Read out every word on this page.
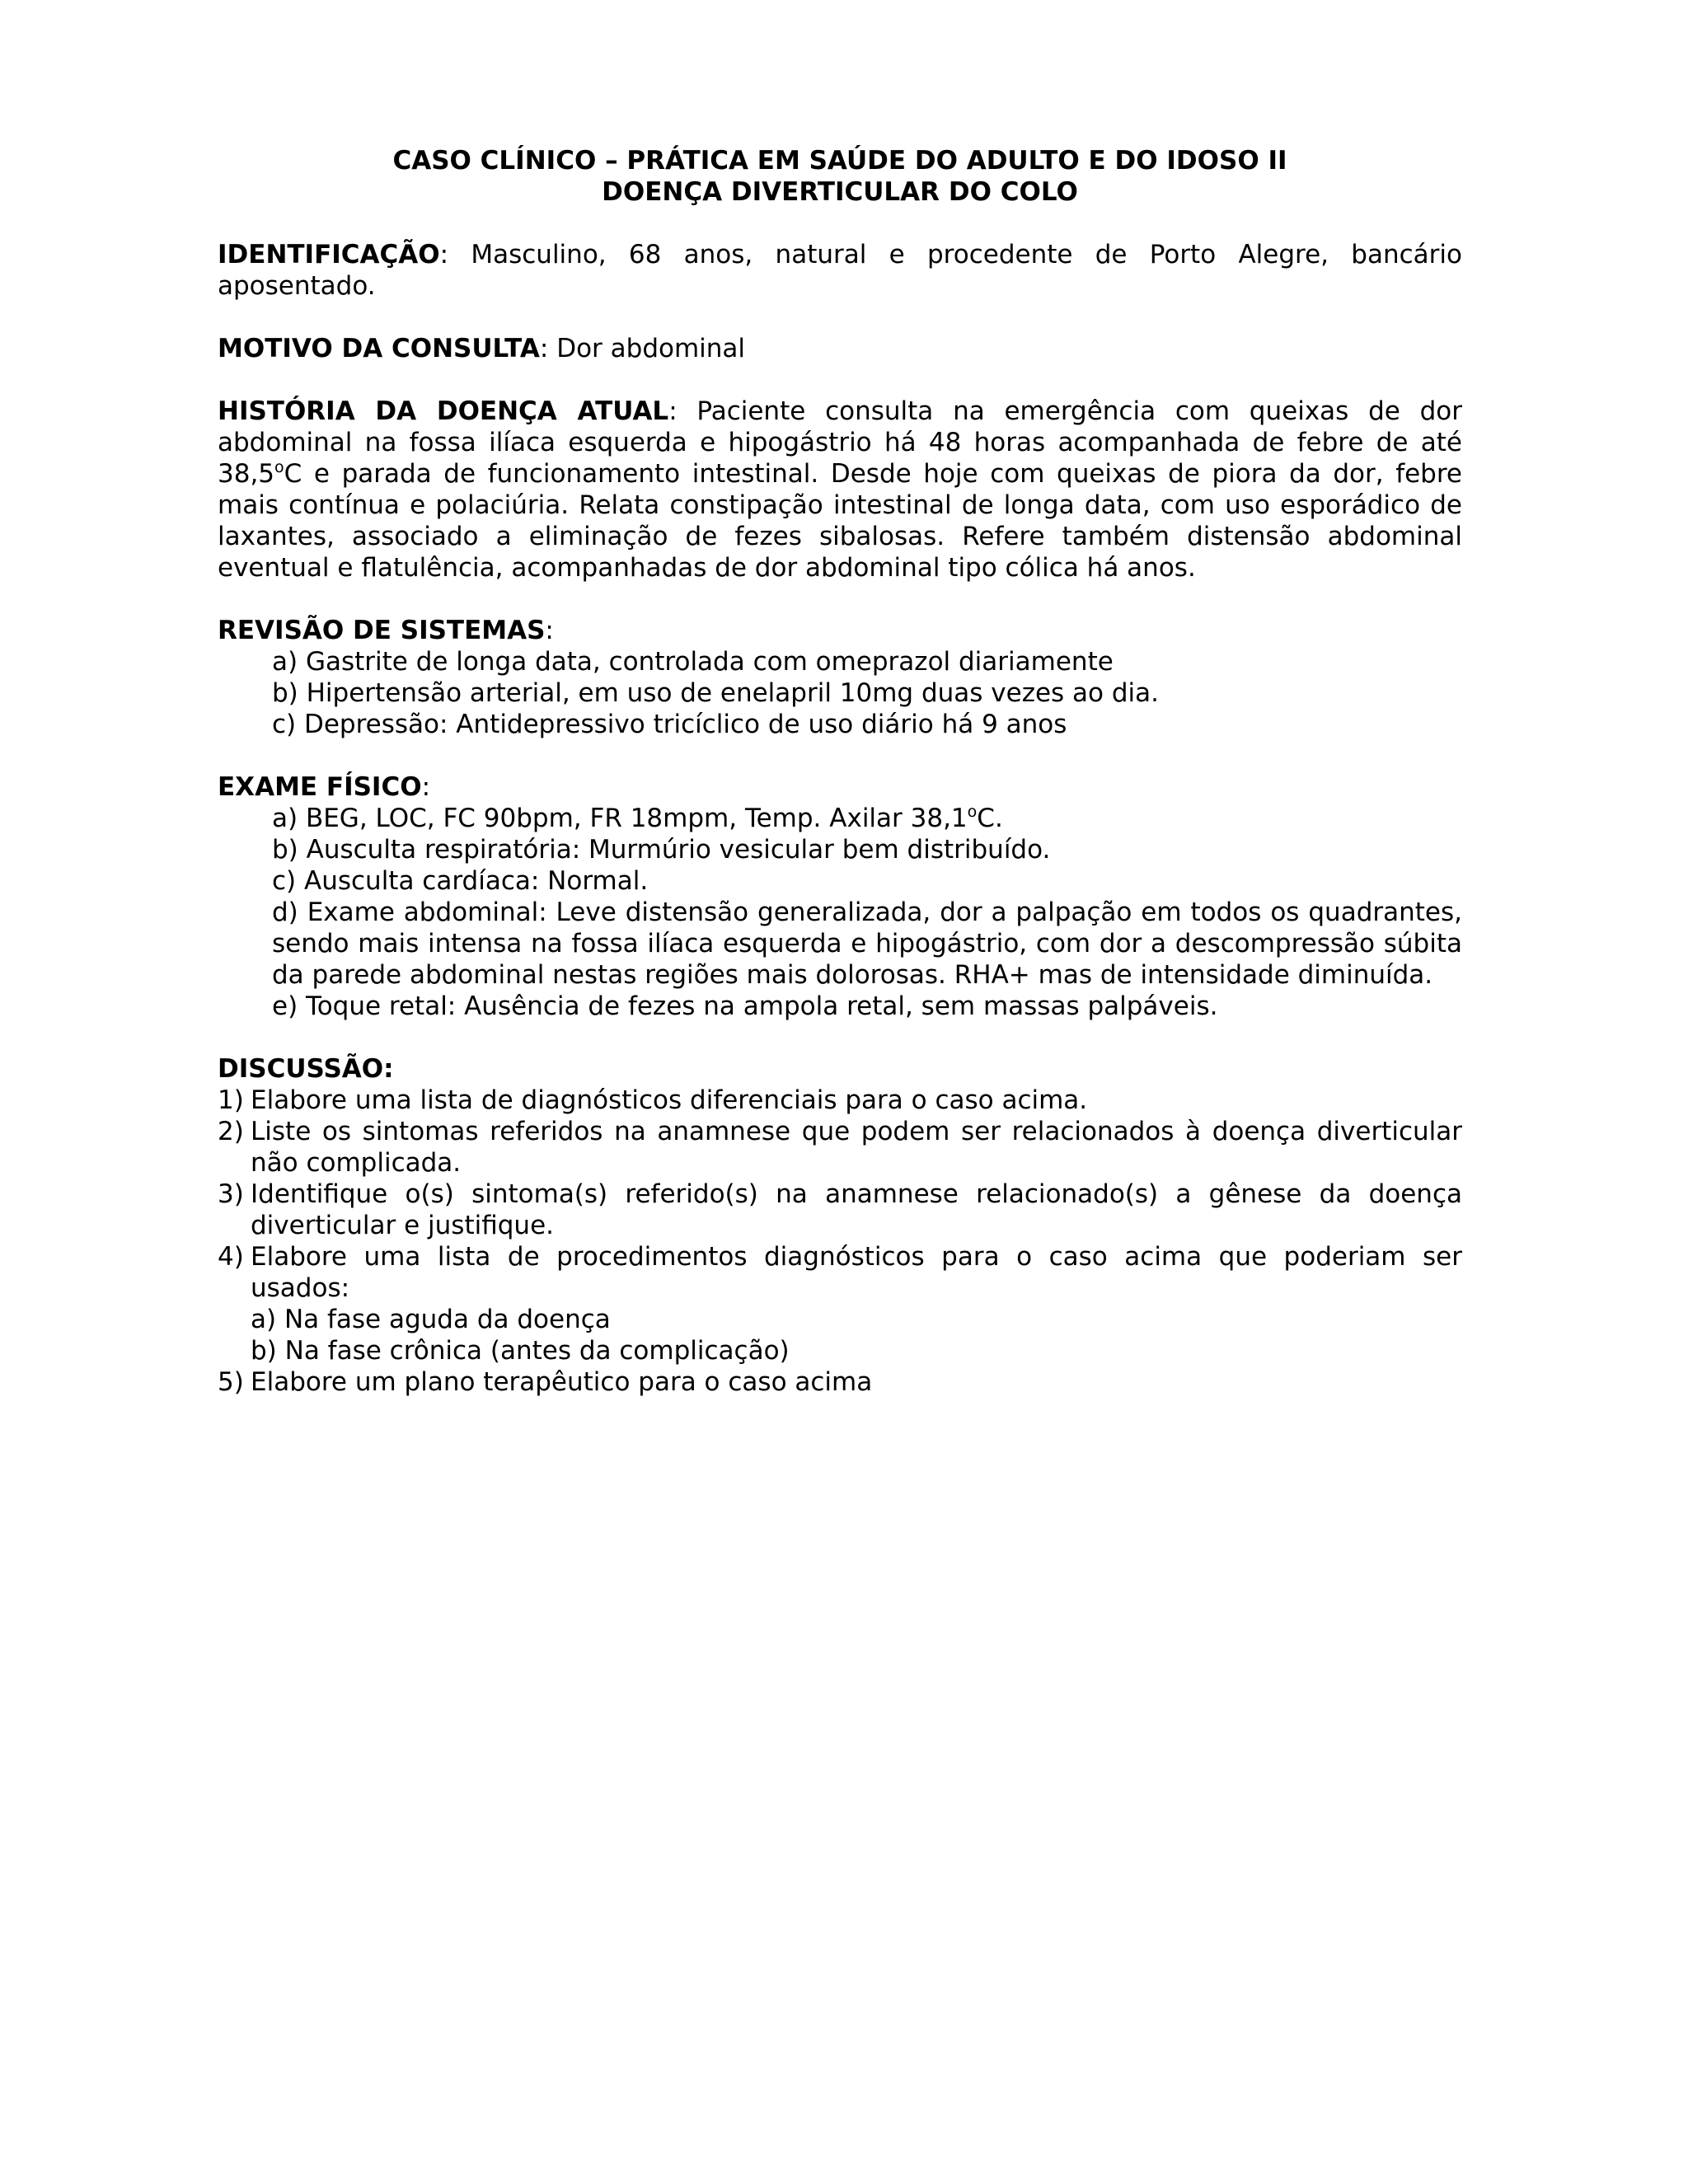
CASO CLÍNICO – PRÁTICA EM SAÚDE DO ADULTO E DO IDOSO II

DOENÇA DIVERTICULAR DO COLO

IDENTIFICAÇÃO: Masculino, 68 anos, natural e procedente de Porto Alegre, bancário aposentado.

MOTIVO DA CONSULTA: Dor abdominal

HISTÓRIA DA DOENÇA ATUAL: Paciente consulta na emergência com queixas de dor abdominal na fossa ilíaca esquerda e hipogástrio há 48 horas acompanhada de febre de até 38,5$^o$C e parada de funcionamento intestinal. Desde hoje com queixas de piora da dor, febre mais contínua e polaciúria. Relata constipação intestinal de longa data, com uso esporádico de laxantes, associado a eliminação de fezes sibalosas. Refere também distensão abdominal eventual e flatulência, acompanhadas de dor abdominal tipo cólica há anos.

REVISÃO DE SISTEMAS:

a) Gastrite de longa data, controlada com omeprazol diariamente

b) Hipertensão arterial, em uso de enelapril 10mg duas vezes ao dia.

c) Depressão: Antidepressivo tricíclico de uso diário há 9 anos

EXAME FÍSICO:

a) BEG, LOC, FC 90bpm, FR 18mpm, Temp. Axilar 38,1$^o$C.

b) Ausculta respiratória: Murmúrio vesicular bem distribuído.

c) Ausculta cardíaca: Normal.

d) Exame abdominal: Leve distensão generalizada, dor a palpação em todos os quadrantes, sendo mais intensa na fossa ilíaca esquerda e hipogástrio, com dor a descompressão súbita da parede abdominal nestas regiões mais dolorosas. RHA+ mas de intensidade diminuída.

e) Toque retal: Ausência de fezes na ampola retal, sem massas palpáveis.

DISCUSSÃO:

1) Elabore uma lista de diagnósticos diferenciais para o caso acima.
2) Liste os sintomas referidos na anamnese que podem ser relacionados à doença diverticular não complicada.
3) Identifique o(s) sintoma(s) referido(s) na anamnese relacionado(s) a gênese da doença diverticular e justifique.
4) Elabore uma lista de procedimentos diagnósticos para o caso acima que poderiam ser usados:

a) Na fase aguda da doença

b) Na fase crônica (antes da complicação)

5) Elabore um plano terapêutico para o caso acima
